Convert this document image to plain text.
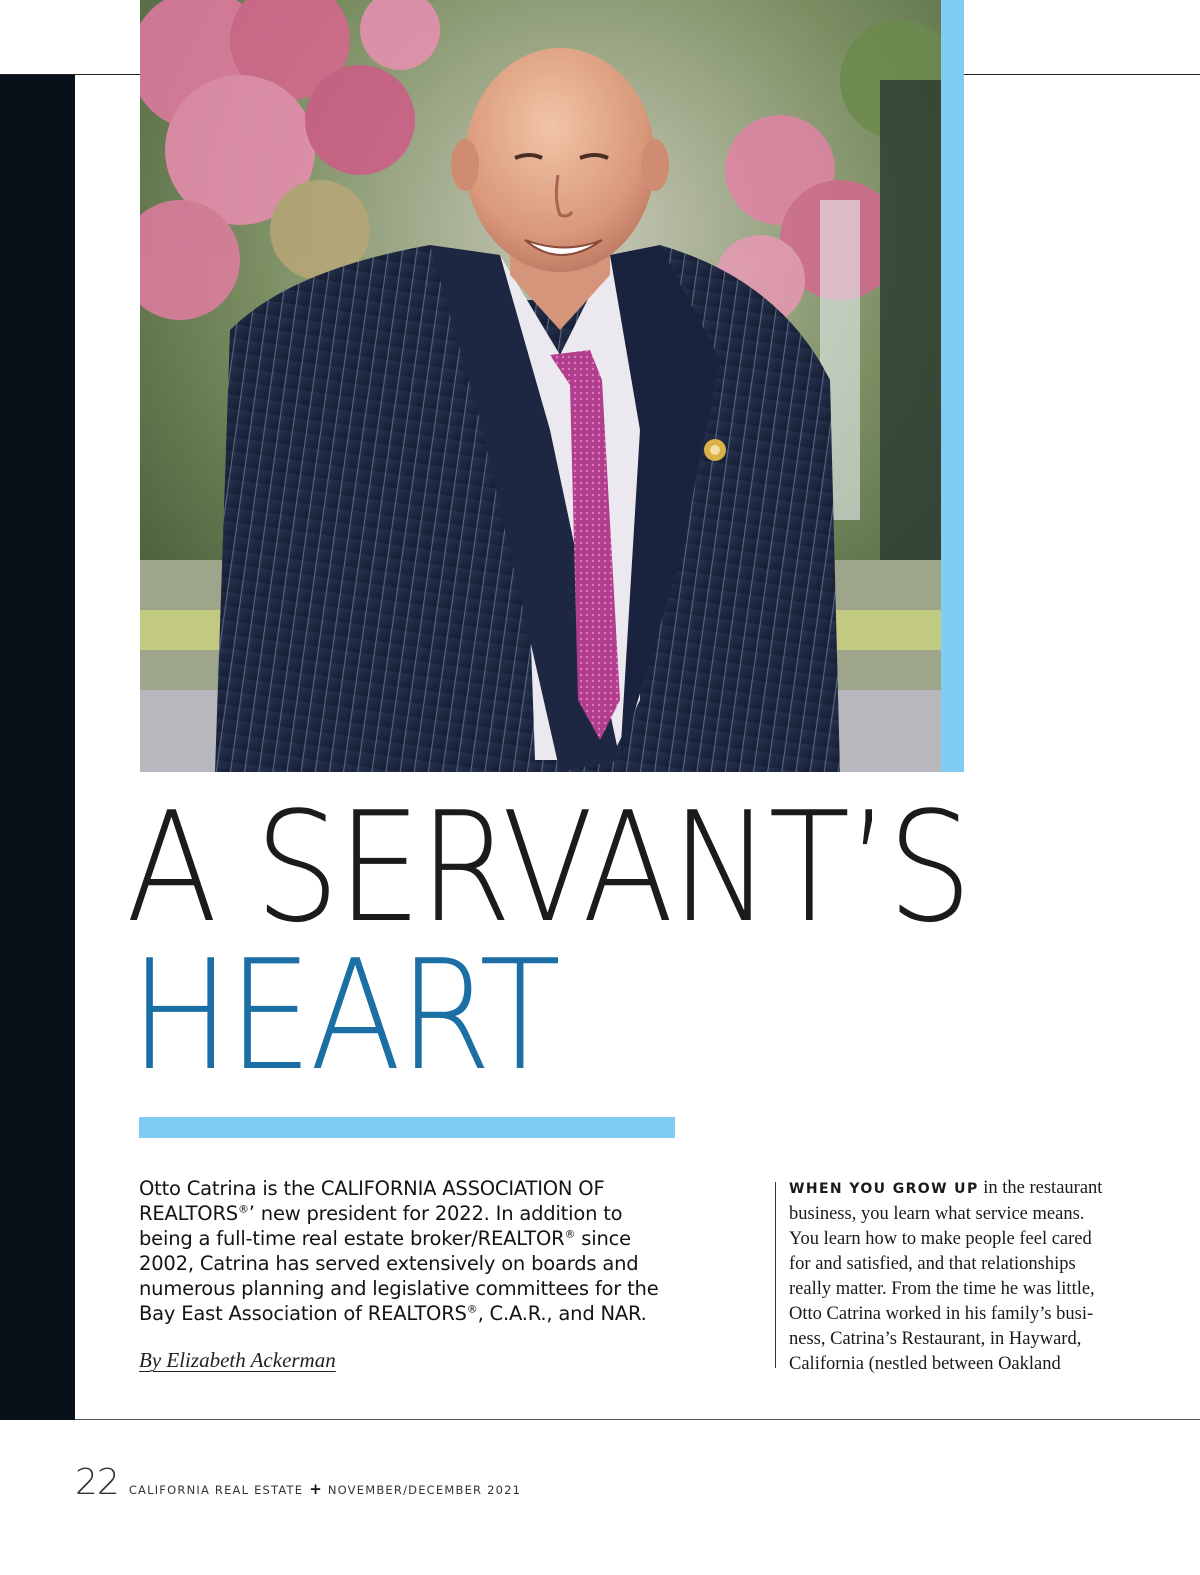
A SERVANT’S
HEART
Otto Catrina is the CALIFORNIA ASSOCIATION OF REALTORS®’ new president for 2022. In addition to being a full-time real estate broker/REALTOR® since 2002, Catrina has served extensively on boards and numerous planning and legislative committees for the Bay East Association of REALTORS®, C.A.R., and NAR.
By Elizabeth Ackerman
WHEN YOU GROW UP in the restaurant
business, you learn what service means.
You learn how to make people feel cared
for and satisfied, and that relationships
really matter. From the time he was little,
Otto Catrina worked in his family’s busi-
ness, Catrina’s Restaurant, in Hayward,
California (nestled between Oakland
22 CALIFORNIA REAL ESTATE + NOVEMBER/DECEMBER 2021
